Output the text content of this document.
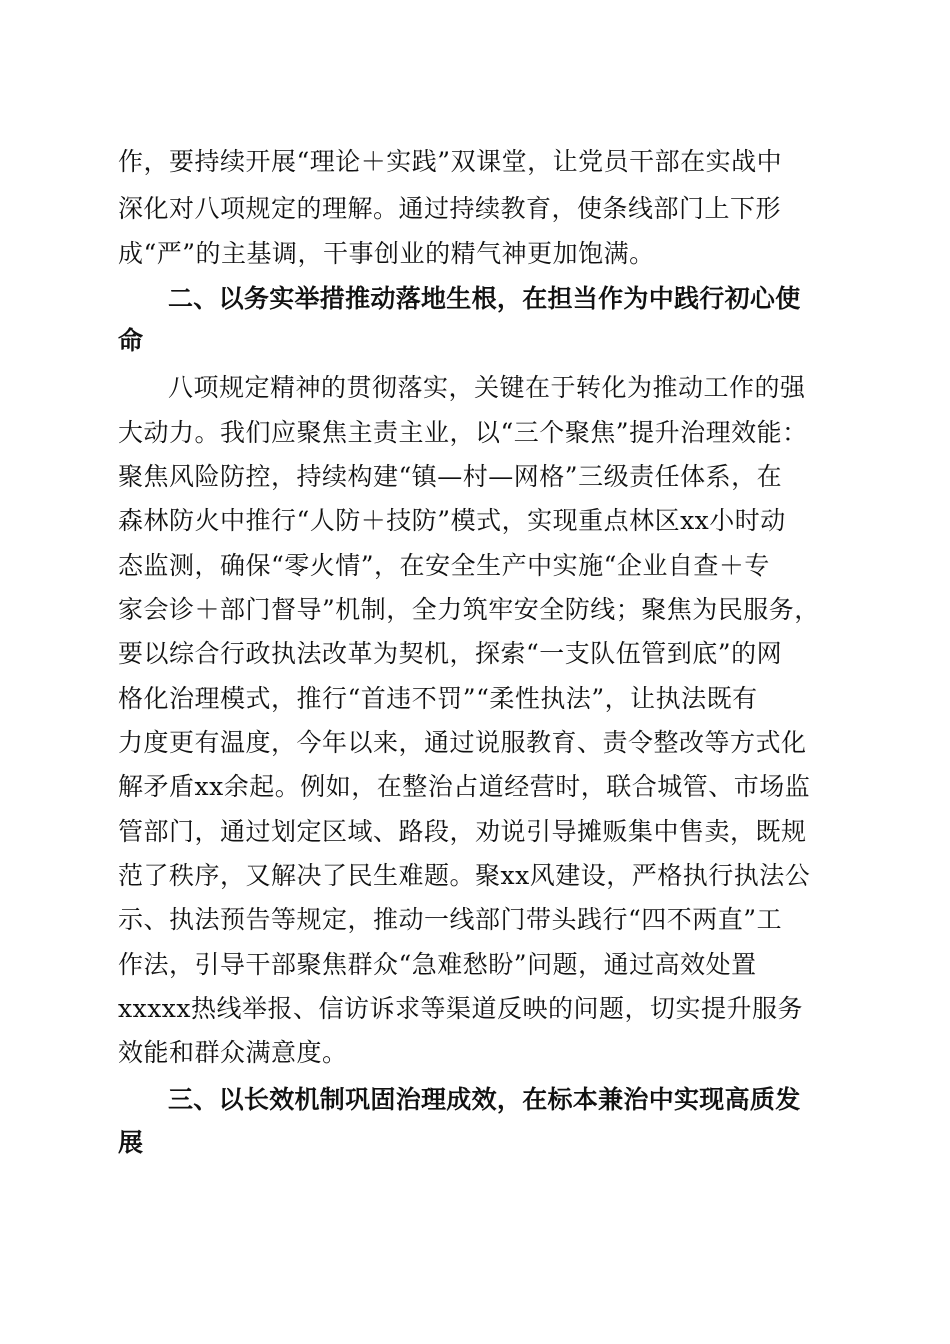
作，要持续开展“理论＋实践”双课堂，让党员干部在实战中
深化对八项规定的理解。通过持续教育，使条线部门上下形
成“严”的主基调，干事创业的精气神更加饱满。
二、以务实举措推动落地生根，在担当作为中践行初心使
命
八项规定精神的贯彻落实，关键在于转化为推动工作的强
大动力。我们应聚焦主责主业，以“三个聚焦”提升治理效能：
聚焦风险防控，持续构建“镇—村—网格”三级责任体系，在
森林防火中推行“人防＋技防”模式，实现重点林区xx小时动
态监测，确保“零火情”，在安全生产中实施“企业自查＋专
家会诊＋部门督导”机制，全力筑牢安全防线；聚焦为民服务，
要以综合行政执法改革为契机，探索“一支队伍管到底”的网
格化治理模式，推行“首违不罚”“柔性执法”，让执法既有
力度更有温度，今年以来，通过说服教育、责令整改等方式化
解矛盾xx余起。例如，在整治占道经营时，联合城管、市场监
管部门，通过划定区域、路段，劝说引导摊贩集中售卖，既规
范了秩序，又解决了民生难题。聚xx风建设，严格执行执法公
示、执法预告等规定，推动一线部门带头践行“四不两直”工
作法，引导干部聚焦群众“急难愁盼”问题，通过高效处置
xxxxx热线举报、信访诉求等渠道反映的问题，切实提升服务
效能和群众满意度。
三、以长效机制巩固治理成效，在标本兼治中实现高质发
展
